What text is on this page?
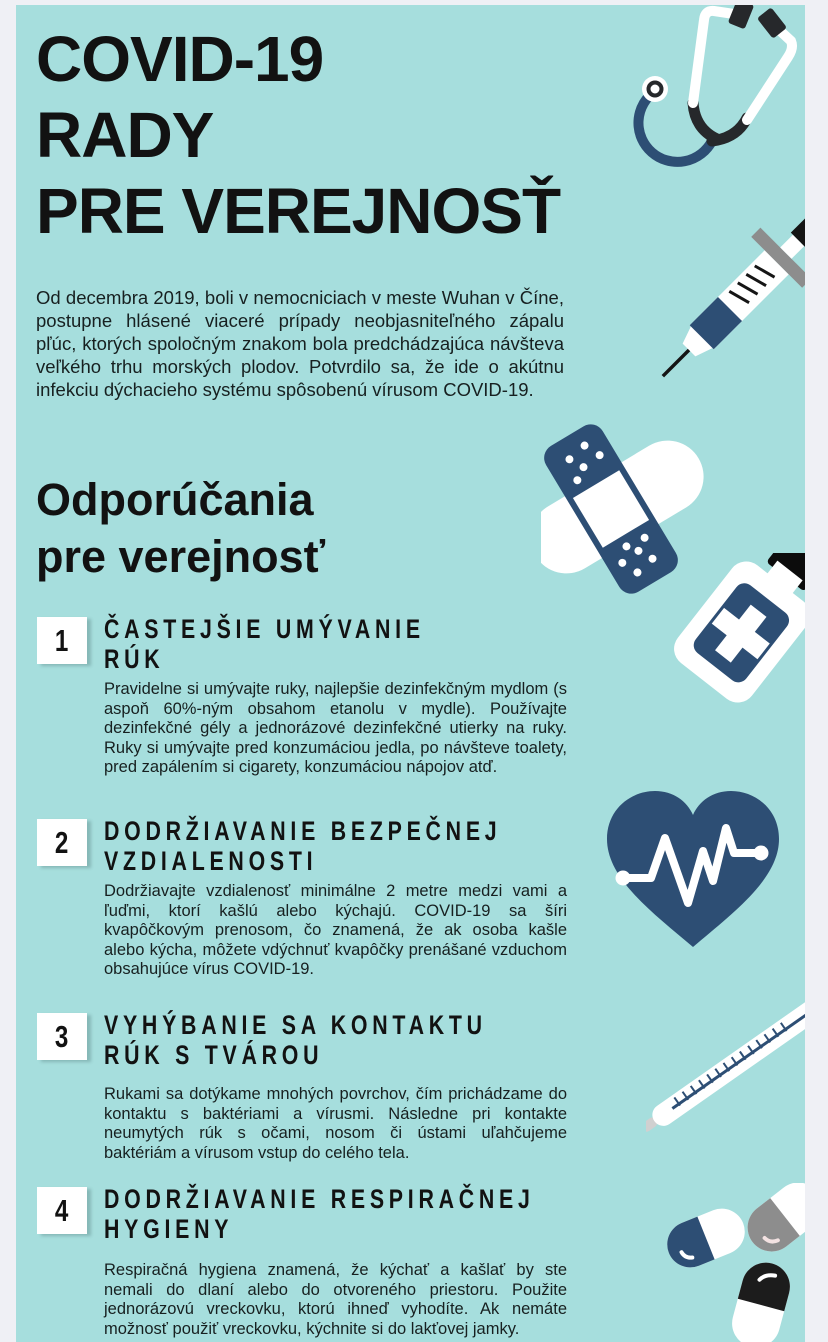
COVID-19
RADY
PRE VEREJNOSŤ
Od decembra 2019, boli v nemocniciach v meste Wuhan v Číne, postupne hlásené viaceré prípady neobjasniteľného zápalu pľúc, ktorých spoločným znakom bola predchádzajúca návšteva veľkého trhu morských plodov. Potvrdilo sa, že ide o akútnu infekciu dýchacieho systému spôsobenú vírusom COVID-19.
Odporúčania
pre verejnosť
1 ČASTEJŠIE UMÝVANIE
RÚK
Pravidelne si umývajte ruky, najlepšie dezinfekčným mydlom (s aspoň 60%-ným obsahom etanolu v mydle). Používajte dezinfekčné gély a jednorázové dezinfekčné utierky na ruky. Ruky si umývajte pred konzumáciou jedla, po návšteve toalety, pred zapálením si cigarety, konzumáciou nápojov atď.
2 DODRŽIAVANIE BEZPEČNEJ
VZDIALENOSTI
Dodržiavajte vzdialenosť minimálne 2 metre medzi vami a ľuďmi, ktorí kašlú alebo kýchajú. COVID-19 sa šíri kvapôčkovým prenosom, čo znamená, že ak osoba kašle alebo kýcha, môžete vdýchnuť kvapôčky prenášané vzduchom obsahujúce vírus COVID-19.
3 VYHÝBANIE SA KONTAKTU
RÚK S TVÁROU
Rukami sa dotýkame mnohých povrchov, čím prichádzame do kontaktu s baktériami a vírusmi. Následne pri kontakte neumytých rúk s očami, nosom či ústami uľahčujeme baktériám a vírusom vstup do celého tela.
4 DODRŽIAVANIE RESPIRAČNEJ
HYGIENY
Respiračná hygiena znamená, že kýchať a kašlať by ste nemali do dlaní alebo do otvoreného priestoru. Použite jednorázovú vreckovku, ktorú ihneď vyhodíte. Ak nemáte možnosť použiť vreckovku, kýchnite si do lakťovej jamky.
